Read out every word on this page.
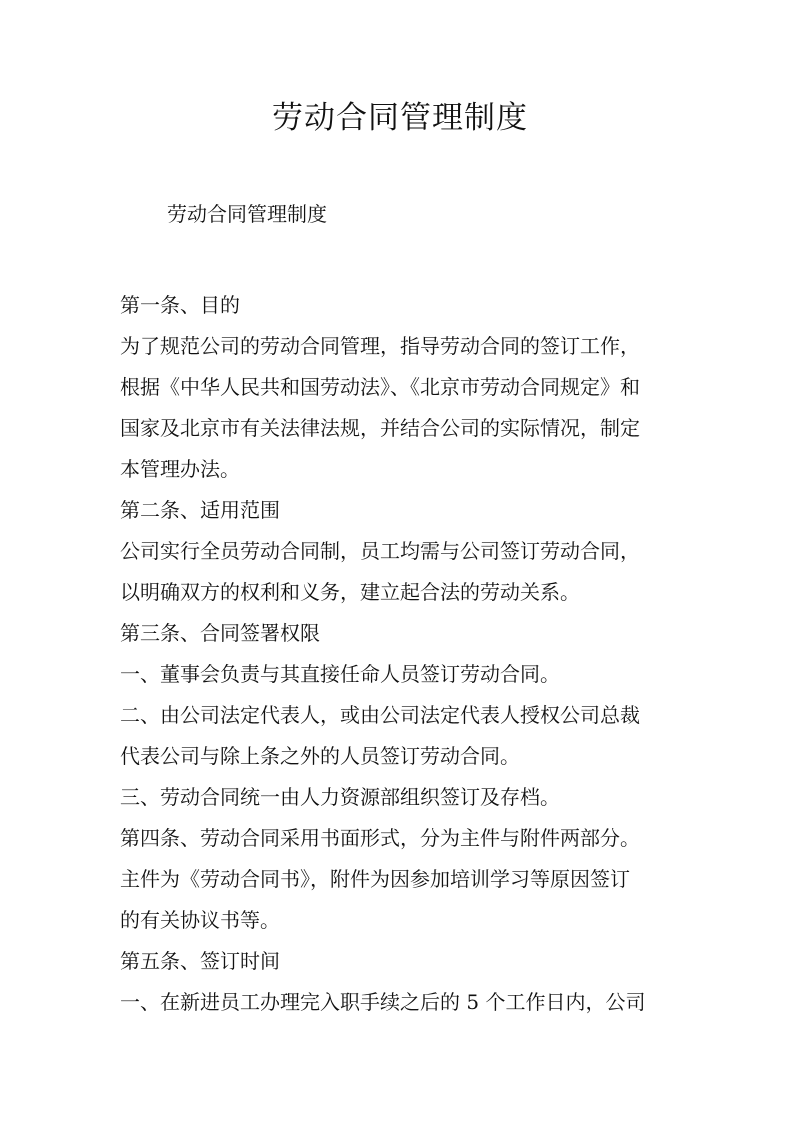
劳动合同管理制度
劳动合同管理制度
第一条、目的
为了规范公司的劳动合同管理，指导劳动合同的签订工作，
根据《中华人民共和国劳动法》、《北京市劳动合同规定》和
国家及北京市有关法律法规，并结合公司的实际情况，制定
本管理办法。
第二条、适用范围
公司实行全员劳动合同制，员工均需与公司签订劳动合同，
以明确双方的权利和义务，建立起合法的劳动关系。
第三条、合同签署权限
一、董事会负责与其直接任命人员签订劳动合同。
二、由公司法定代表人，或由公司法定代表人授权公司总裁
代表公司与除上条之外的人员签订劳动合同。
三、劳动合同统一由人力资源部组织签订及存档。
第四条、劳动合同采用书面形式，分为主件与附件两部分。
主件为《劳动合同书》，附件为因参加培训学习等原因签订
的有关协议书等。
第五条、签订时间
一、在新进员工办理完入职手续之后的 5 个工作日内，公司
